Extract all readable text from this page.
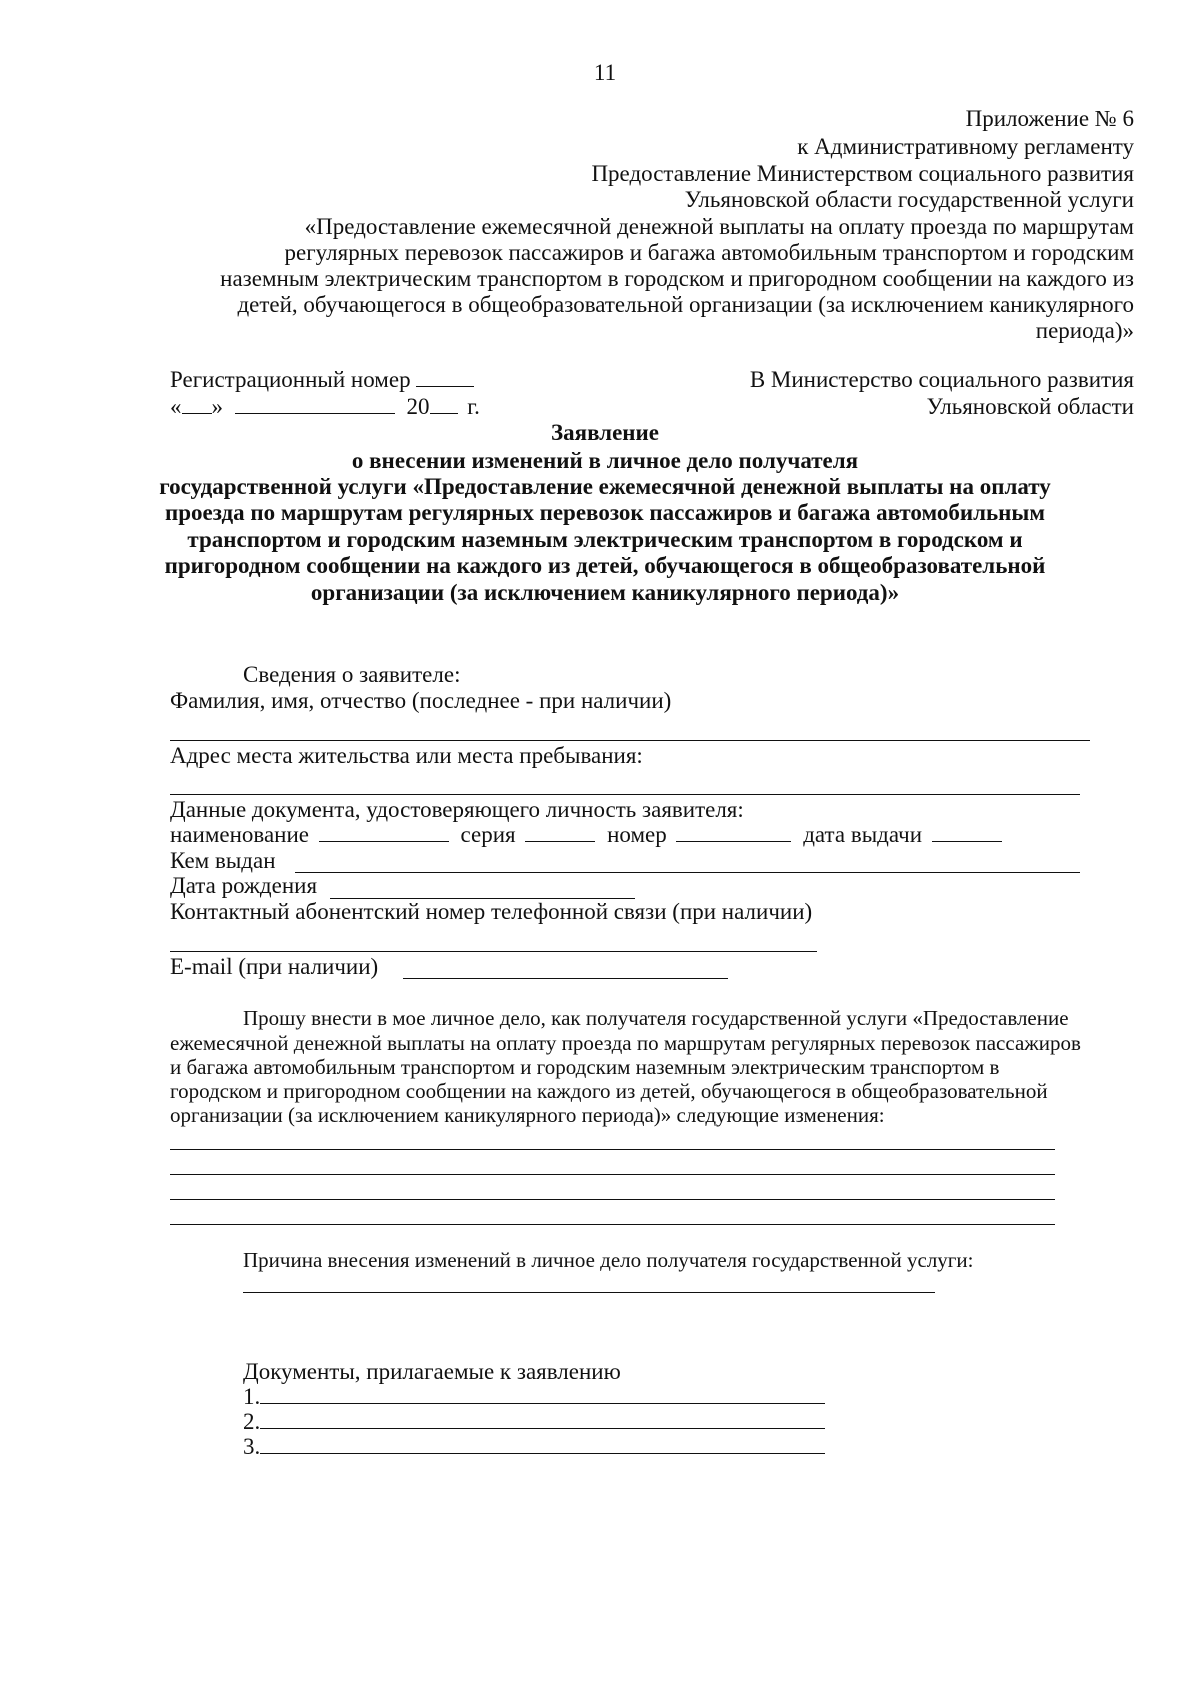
11
Приложение № 6
к Административному регламенту
Предоставление Министерством социального развития
Ульяновской области государственной услуги
«Предоставление ежемесячной денежной выплаты на оплату проезда по маршрутам
регулярных перевозок пассажиров и багажа автомобильным транспортом и городским
наземным электрическим транспортом в городском и пригородном сообщении на каждого из
детей, обучающегося в общеобразовательной организации (за исключением каникулярного
периода)»
Регистрационный номер
« »	20 г.
В Министерство социального развития
Ульяновской области
Заявление
о внесении изменений в личное дело получателя
государственной услуги «Предоставление ежемесячной денежной выплаты на оплату
проезда по маршрутам регулярных перевозок пассажиров и багажа автомобильным
транспортом и городским наземным электрическим транспортом в городском и
пригородном сообщении на каждого из детей, обучающегося в общеобразовательной
организации (за исключением каникулярного периода)»
Сведения о заявителе:
Фамилия, имя, отчество (последнее - при наличии)
Адрес места жительства или места пребывания:
Данные документа, удостоверяющего личность заявителя:
наименование	серия	номер	дата выдачи
Кем выдан
Дата рождения
Контактный абонентский номер телефонной связи (при наличии)
E-mail (при наличии)
Прошу внести в мое личное дело, как получателя государственной услуги «Предоставление
ежемесячной денежной выплаты на оплату проезда по маршрутам регулярных перевозок пассажиров
и багажа автомобильным транспортом и городским наземным электрическим транспортом в
городском и пригородном сообщении на каждого из детей, обучающегося в общеобразовательной
организации (за исключением каникулярного периода)» следующие изменения:
Причина внесения изменений в личное дело получателя государственной услуги:
Документы, прилагаемые к заявлению
1.
2.
3.
